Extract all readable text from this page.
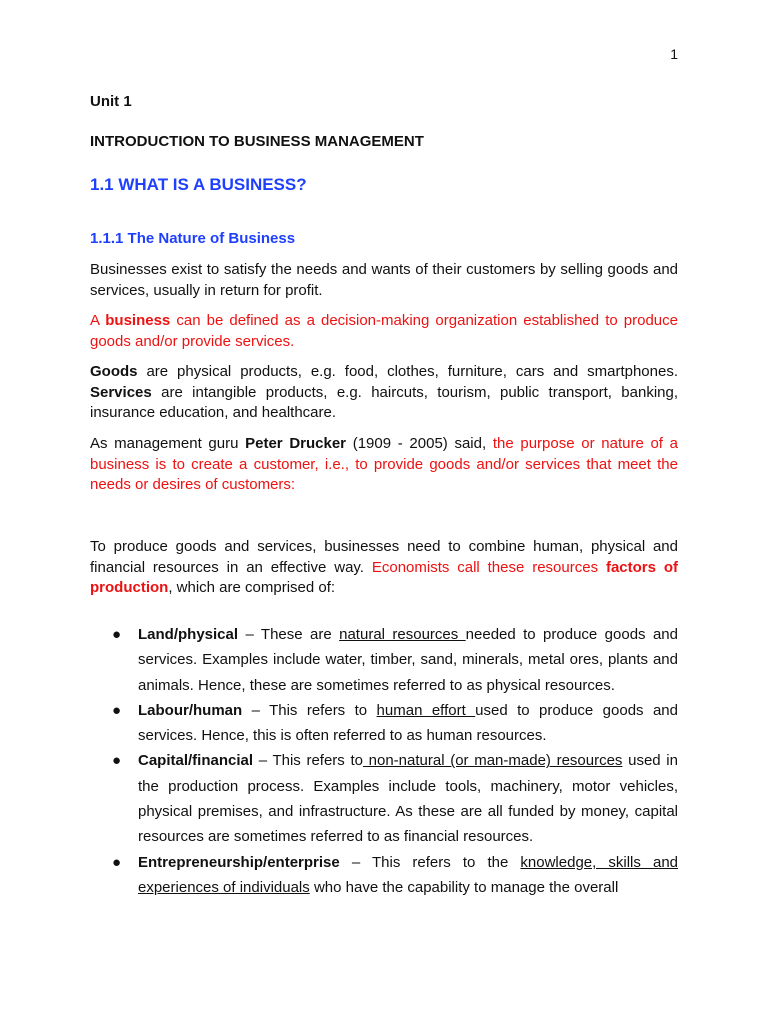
1
Unit 1
INTRODUCTION TO BUSINESS MANAGEMENT
1.1 WHAT IS A BUSINESS?
1.1.1 The Nature of Business

Businesses exist to satisfy the needs and wants of their customers by selling goods and services, usually in return for profit.

A business can be defined as a decision-making organization established to produce goods and/or provide services.

Goods are physical products, e.g. food, clothes, furniture, cars and smartphones. Services are intangible products, e.g. haircuts, tourism, public transport, banking, insurance education, and healthcare.

As management guru Peter Drucker (1909 - 2005) said, the purpose or nature of a business is to create a customer, i.e., to provide goods and/or services that meet the needs or desires of customers:

To produce goods and services, businesses need to combine human, physical and financial resources in an effective way. Economists call these resources factors of production, which are comprised of:

● Land/physical – These are natural resources needed to produce goods and services. Examples include water, timber, sand, minerals, metal ores, plants and animals. Hence, these are sometimes referred to as physical resources.
● Labour/human – This refers to human effort used to produce goods and services. Hence, this is often referred to as human resources.
● Capital/financial – This refers to non-natural (or man-made) resources used in the production process. Examples include tools, machinery, motor vehicles, physical premises, and infrastructure. As these are all funded by money, capital resources are sometimes referred to as financial resources.
● Entrepreneurship/enterprise – This refers to the knowledge, skills and experiences of individuals who have the capability to manage the overall
